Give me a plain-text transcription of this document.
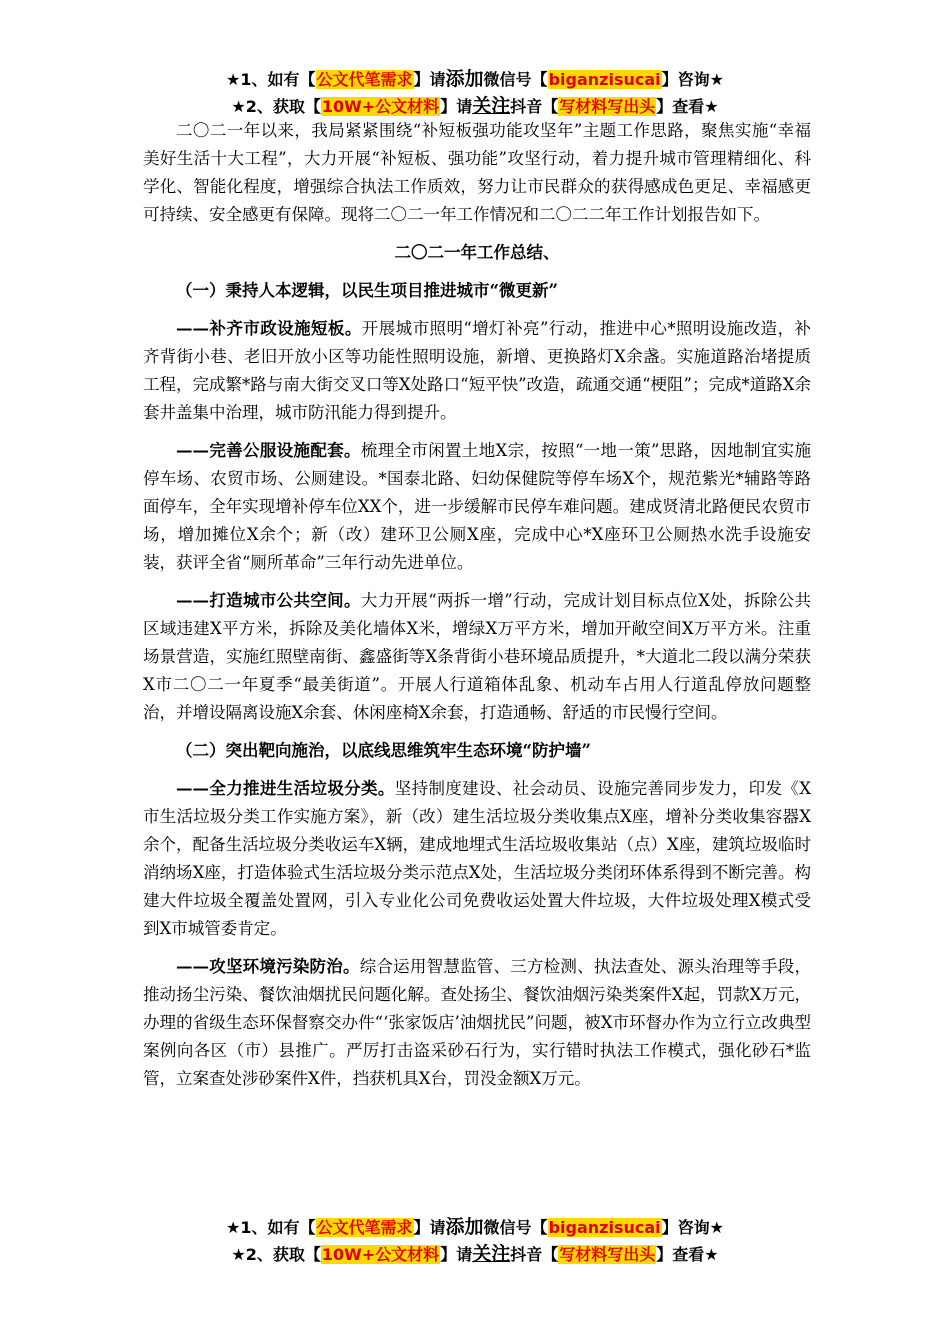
★1、如有【公文代笔需求】请添加微信号【biganzisucai】咨询★
★2、获取【10W+公文材料】请关注抖音【写材料写出头】查看★

二〇二一年以来，我局紧紧围绕“补短板强功能攻坚年”主题工作思路，聚焦实施“幸福美好生活十大工程”，大力开展“补短板、强功能”攻坚行动，着力提升城市管理精细化、科学化、智能化程度，增强综合执法工作质效，努力让市民群众的获得感成色更足、幸福感更可持续、安全感更有保障。现将二〇二一年工作情况和二〇二二年工作计划报告如下。

二〇二一年工作总结、

（一）秉持人本逻辑，以民生项目推进城市“微更新”

——补齐市政设施短板。开展城市照明“增灯补亮”行动，推进中心*照明设施改造，补齐背街小巷、老旧开放小区等功能性照明设施，新增、更换路灯X余盏。实施道路治堵提质工程，完成繁*路与南大街交叉口等X处路口“短平快”改造，疏通交通“梗阻”；完成*道路X余套井盖集中治理，城市防汛能力得到提升。

——完善公服设施配套。梳理全市闲置土地X宗，按照“一地一策”思路，因地制宜实施停车场、农贸市场、公厕建设。*国泰北路、妇幼保健院等停车场X个，规范紫光*辅路等路面停车，全年实现增补停车位XX个，进一步缓解市民停车难问题。建成贤清北路便民农贸市场，增加摊位X余个；新（改）建环卫公厕X座，完成中心*X座环卫公厕热水洗手设施安装，获评全省“厕所革命”三年行动先进单位。

——打造城市公共空间。大力开展“两拆一增”行动，完成计划目标点位X处，拆除公共区域违建X平方米，拆除及美化墙体X米，增绿X万平方米，增加开敞空间X万平方米。注重场景营造，实施红照壁南街、鑫盛街等X条背街小巷环境品质提升，*大道北二段以满分荣获X市二〇二一年夏季“最美街道”。开展人行道箱体乱象、机动车占用人行道乱停放问题整治，并增设隔离设施X余套、休闲座椅X余套，打造通畅、舒适的市民慢行空间。

（二）突出靶向施治，以底线思维筑牢生态环境“防护墙”

——全力推进生活垃圾分类。坚持制度建设、社会动员、设施完善同步发力，印发《X市生活垃圾分类工作实施方案》，新（改）建生活垃圾分类收集点X座，增补分类收集容器X余个，配备生活垃圾分类收运车X辆，建成地埋式生活垃圾收集站（点）X座，建筑垃圾临时消纳场X座，打造体验式生活垃圾分类示范点X处，生活垃圾分类闭环体系得到不断完善。构建大件垃圾全覆盖处置网，引入专业化公司免费收运处置大件垃圾，大件垃圾处理X模式受到X市城管委肯定。

——攻坚环境污染防治。综合运用智慧监管、三方检测、执法查处、源头治理等手段，推动扬尘污染、餐饮油烟扰民问题化解。查处扬尘、餐饮油烟污染类案件X起，罚款X万元，办理的省级生态环保督察交办件“‘张家饭店’油烟扰民”问题，被X市环督办作为立行立改典型案例向各区（市）县推广。严厉打击盗采砂石行为，实行错时执法工作模式，强化砂石*监管，立案查处涉砂案件X件，挡获机具X台，罚没金额X万元。

★1、如有【公文代笔需求】请添加微信号【biganzisucai】咨询★
★2、获取【10W+公文材料】请关注抖音【写材料写出头】查看★
